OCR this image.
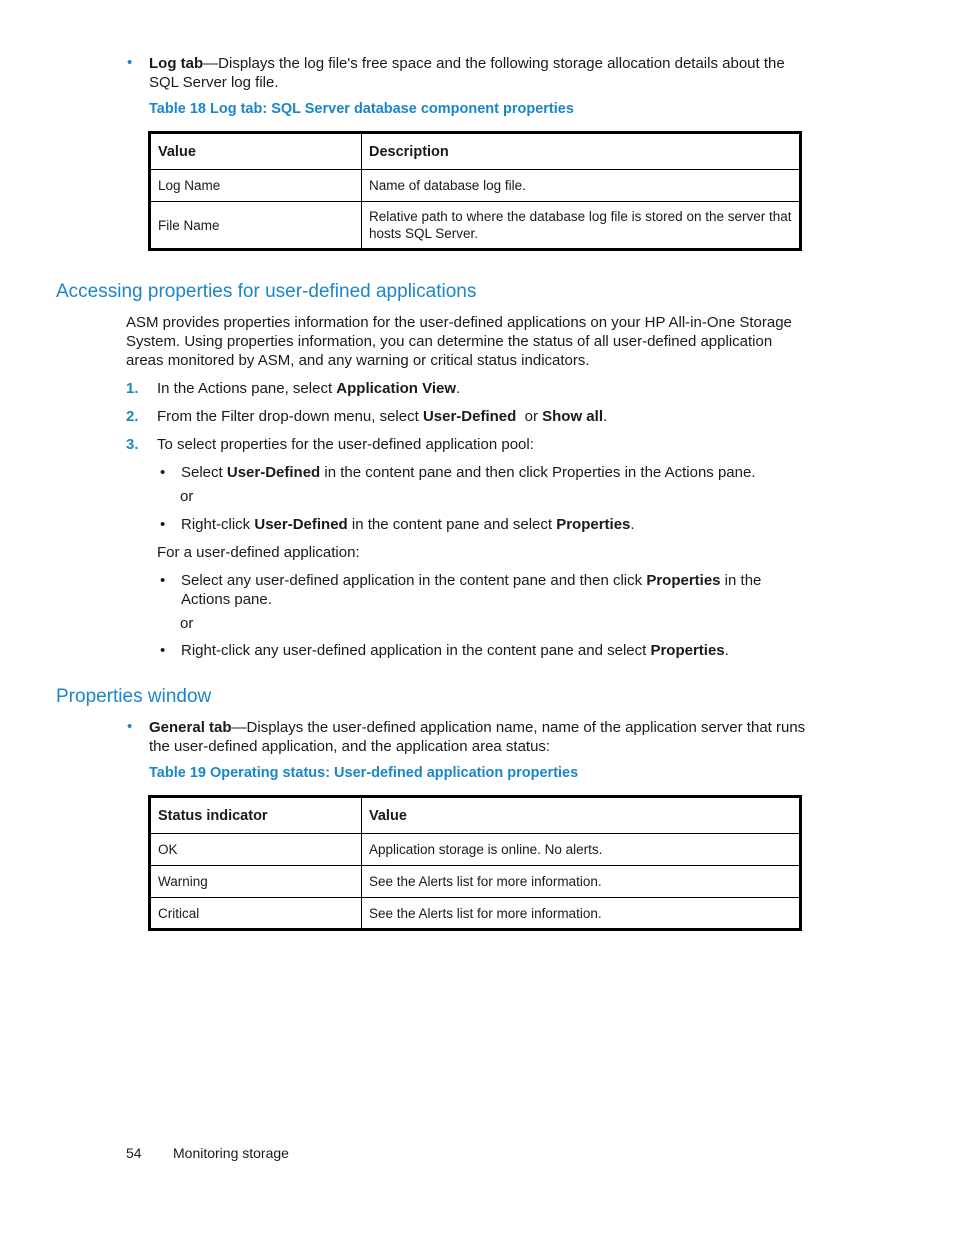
• Log tab—Displays the log file's free space and the following storage allocation details about the SQL Server log file.
Table 18 Log tab: SQL Server database component properties
Value	Description
Log Name	Name of database log file.
File Name	Relative path to where the database log file is stored on the server that hosts SQL Server.
Accessing properties for user-defined applications
ASM provides properties information for the user-defined applications on your HP All-in-One Storage System. Using properties information, you can determine the status of all user-defined application areas monitored by ASM, and any warning or critical status indicators.
1. In the Actions pane, select Application View.
2. From the Filter drop-down menu, select User-Defined  or Show all.
3. To select properties for the user-defined application pool:
• Select User-Defined in the content pane and then click Properties in the Actions pane.
or
• Right-click User-Defined in the content pane and select Properties.
For a user-defined application:
• Select any user-defined application in the content pane and then click Properties in the Actions pane.
or
• Right-click any user-defined application in the content pane and select Properties.
Properties window
• General tab—Displays the user-defined application name, name of the application server that runs the user-defined application, and the application area status:
Table 19 Operating status: User-defined application properties
Status indicator	Value
OK	Application storage is online. No alerts.
Warning	See the Alerts list for more information.
Critical	See the Alerts list for more information.
54 Monitoring storage
